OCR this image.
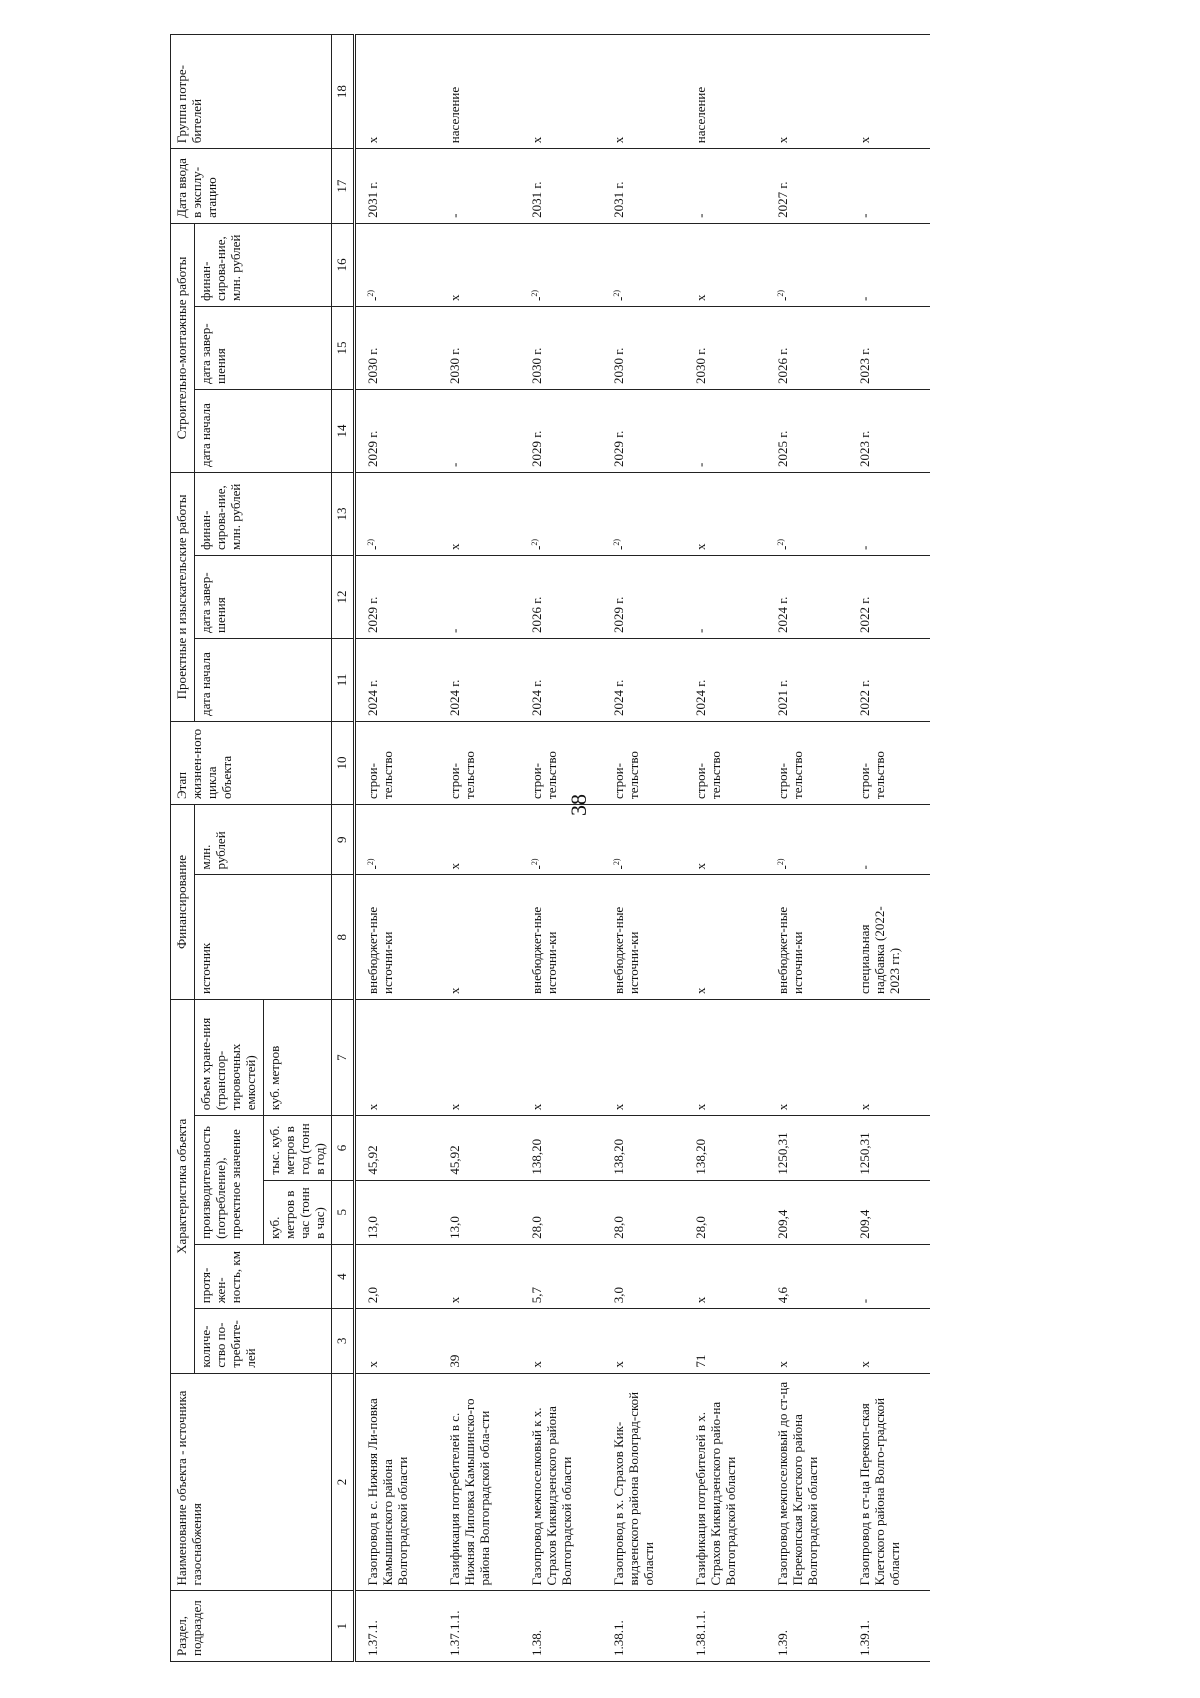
38
Раздел, подраздел	Наименование объекта - источника газоснабжения	Характеристика объекта					Финансирование		Этап жизнен-ного цикла объекта	Проектные и изыскательские работы			Строительно-монтажные работы			Дата ввода в эксплу-атацию	Группа потре-бителей
		количе-ство по-требите-лей	протя-жен-ность, км	производительность (потребление), проектное значение		объем хране-ния (транспор-тировочных емкостей)	источник	млн. рублей		дата начала	дата завер-шения	финан-сирова-ние, млн. рублей	дата начала	дата завер-шения	финан-сирова-ние, млн. рублей		
				куб. метров в час (тонн в час)	тыс. куб. метров в год (тонн в год)	куб. метров											
1	2	3	4	5	6	7	8	9	10	11	12	13	14	15	16	17	18
1.37.1.	Газопровод в с. Нижняя Ли-повка Камышинского района Волгоградской области	х	2,0	13,0	45,92	х	внебюджет-ные источни-ки	-$^{2)}$	строи-тельство	2024 г.	2029 г.	-$^{2)}$	2029 г.	2030 г.	-$^{2)}$	2031 г.	х
1.37.1.1.	Газификация потребителей в с. Нижняя Липовка Камышинско-го района Волгоградской обла-сти	39	х	13,0	45,92	х	х	х	строи-тельство	2024 г.	-	х	-	2030 г.	х	-	население
1.38.	Газопровод межпоселковый к х. Страхов Киквидзенского района Волгоградской области	х	5,7	28,0	138,20	х	внебюджет-ные источни-ки	-$^{2)}$	строи-тельство	2024 г.	2026 г.	-$^{2)}$	2029 г.	2030 г.	-$^{2)}$	2031 г.	х
1.38.1.	Газопровод в х. Страхов Кик-видзенского района Волоград-ской области	х	3,0	28,0	138,20	х	внебюджет-ные источни-ки	-$^{2)}$	строи-тельство	2024 г.	2029 г.	-$^{2)}$	2029 г.	2030 г.	-$^{2)}$	2031 г.	х
1.38.1.1.	Газификация потребителей в х. Страхов Киквидзенского райо-на Волгоградской области	71	х	28,0	138,20	х	х	х	строи-тельство	2024 г.	-	х	-	2030 г.	х	-	население
1.39.	Газопровод межпоселковый до ст-ца Перекопская Клетского района Волгоградской области	х	4,6	209,4	1250,31	х	внебюджет-ные источни-ки	-$^{2)}$	строи-тельство	2021 г.	2024 г.	-$^{2)}$	2025 г.	2026 г.	-$^{2)}$	2027 г.	х
1.39.1.	Газопровод в ст-ца Перекоп-ская Клетского района Волго-градской области	х	-	209,4	1250,31	х	специальная надбавка (2022-2023 гг.)	-	строи-тельство	2022 г.	2022 г.	-	2023 г.	2023 г.	-	-	х
